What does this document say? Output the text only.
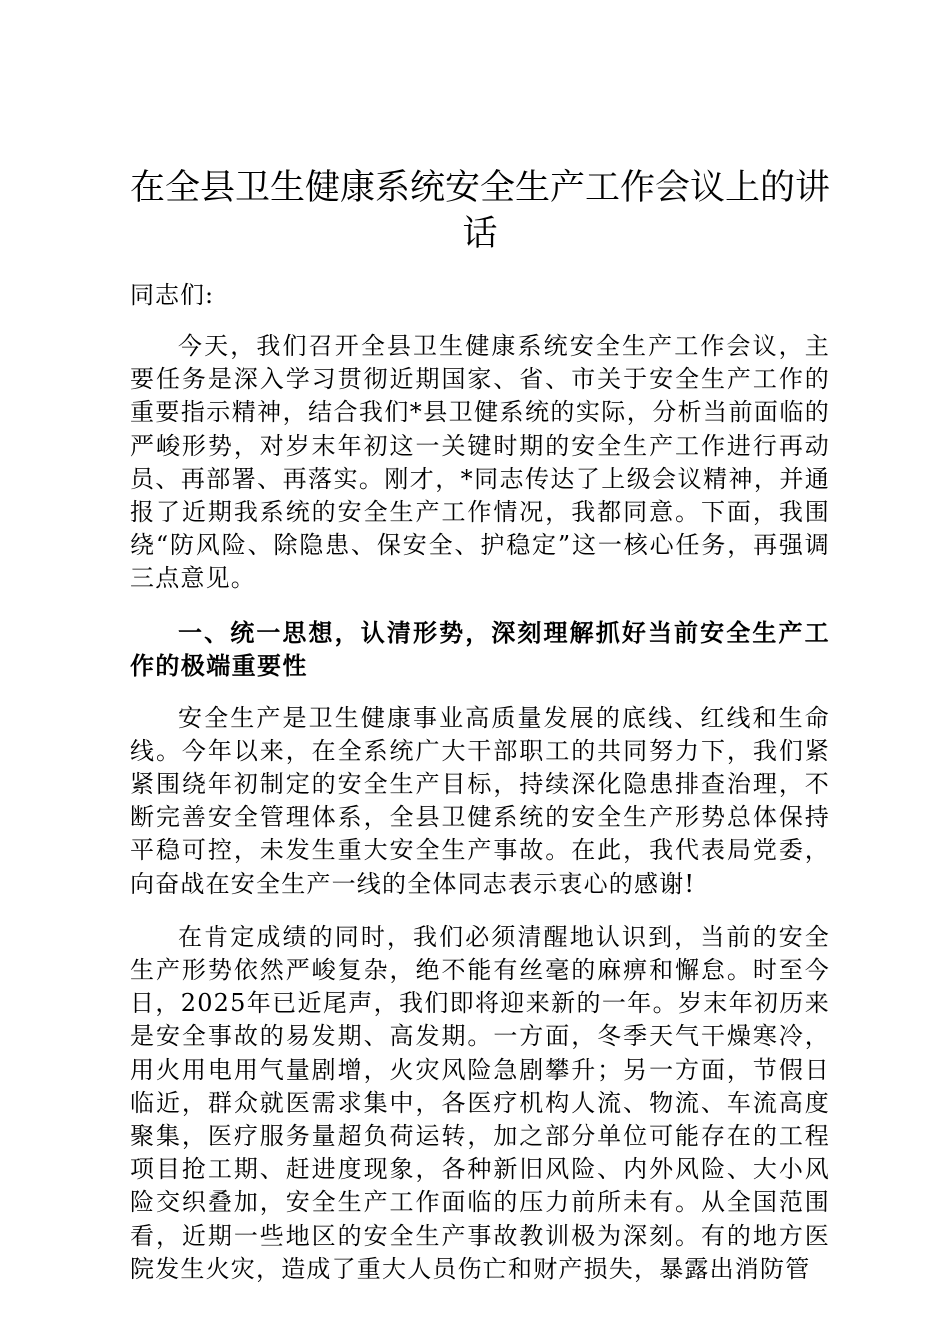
在全县卫生健康系统安全生产工作会议上的讲话
同志们:
今天，我们召开全县卫生健康系统安全生产工作会议，主要任务是深入学习贯彻近期国家、省、市关于安全生产工作的重要指示精神，结合我们*县卫健系统的实际，分析当前面临的严峻形势，对岁末年初这一关键时期的安全生产工作进行再动员、再部署、再落实。刚才，*同志传达了上级会议精神，并通报了近期我系统的安全生产工作情况，我都同意。下面，我围绕“防风险、除隐患、保安全、护稳定”这一核心任务，再强调三点意见。
一、统一思想，认清形势，深刻理解抓好当前安全生产工作的极端重要性
安全生产是卫生健康事业高质量发展的底线、红线和生命线。今年以来，在全系统广大干部职工的共同努力下，我们紧紧围绕年初制定的安全生产目标，持续深化隐患排查治理，不断完善安全管理体系，全县卫健系统的安全生产形势总体保持平稳可控，未发生重大安全生产事故。在此，我代表局党委，向奋战在安全生产一线的全体同志表示衷心的感谢!
在肯定成绩的同时，我们必须清醒地认识到，当前的安全生产形势依然严峻复杂，绝不能有丝毫的麻痹和懈怠。时至今日，2025年已近尾声，我们即将迎来新的一年。岁末年初历来是安全事故的易发期、高发期。一方面，冬季天气干燥寒冷，用火用电用气量剧增，火灾风险急剧攀升；另一方面，节假日临近，群众就医需求集中，各医疗机构人流、物流、车流高度聚集，医疗服务量超负荷运转，加之部分单位可能存在的工程项目抢工期、赶进度现象，各种新旧风险、内外风险、大小风险交织叠加，安全生产工作面临的压力前所未有。从全国范围看，近期一些地区的安全生产事故教训极为深刻。有的地方医院发生火灾，造成了重大人员伤亡和财产损失，暴露出消防管
